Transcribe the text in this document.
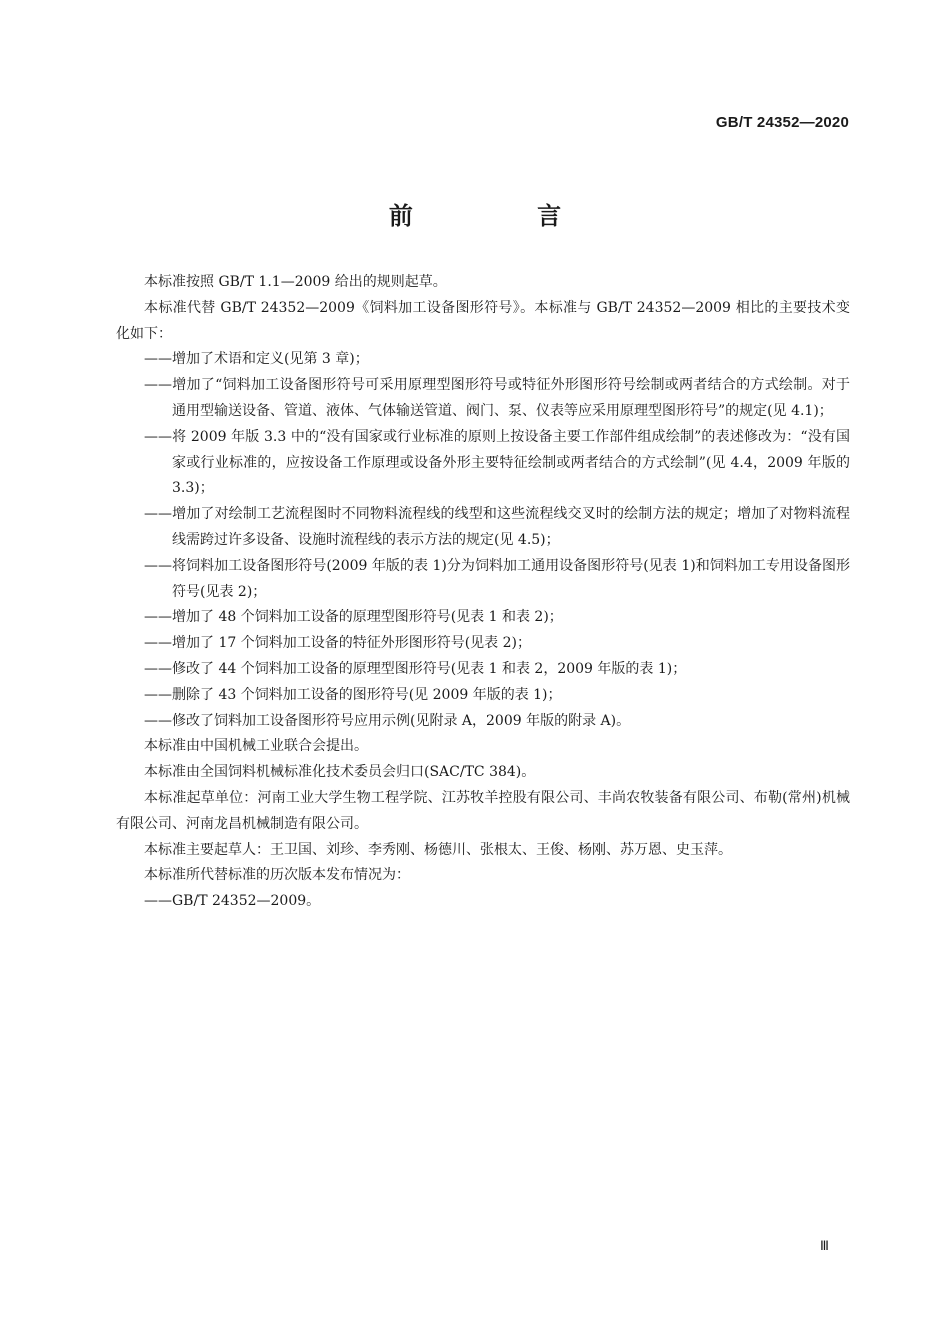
GB/T 24352—2020
前 言

本标准按照 GB/T 1.1—2009 给出的规则起草。

本标准代替 GB/T 24352—2009《饲料加工设备图形符号》。本标准与 GB/T 24352—2009 相比的主要技术变化如下：

——增加了术语和定义(见第 3 章)；

——增加了“饲料加工设备图形符号可采用原理型图形符号或特征外形图形符号绘制或两者结合的方式绘制。对于通用型输送设备、管道、液体、气体输送管道、阀门、泵、仪表等应采用原理型图形符号”的规定(见 4.1)；

——将 2009 年版 3.3 中的“没有国家或行业标准的原则上按设备主要工作部件组成绘制”的表述修改为：“没有国家或行业标准的，应按设备工作原理或设备外形主要特征绘制或两者结合的方式绘制”(见 4.4，2009 年版的 3.3)；

——增加了对绘制工艺流程图时不同物料流程线的线型和这些流程线交叉时的绘制方法的规定；增加了对物料流程线需跨过许多设备、设施时流程线的表示方法的规定(见 4.5)；

——将饲料加工设备图形符号(2009 年版的表 1)分为饲料加工通用设备图形符号(见表 1)和饲料加工专用设备图形符号(见表 2)；

——增加了 48 个饲料加工设备的原理型图形符号(见表 1 和表 2)；

——增加了 17 个饲料加工设备的特征外形图形符号(见表 2)；

——修改了 44 个饲料加工设备的原理型图形符号(见表 1 和表 2，2009 年版的表 1)；

——删除了 43 个饲料加工设备的图形符号(见 2009 年版的表 1)；

——修改了饲料加工设备图形符号应用示例(见附录 A，2009 年版的附录 A)。

本标准由中国机械工业联合会提出。

本标准由全国饲料机械标准化技术委员会归口(SAC/TC 384)。

本标准起草单位：河南工业大学生物工程学院、江苏牧羊控股有限公司、丰尚农牧装备有限公司、布勒(常州)机械有限公司、河南龙昌机械制造有限公司。

本标准主要起草人：王卫国、刘珍、李秀刚、杨德川、张根太、王俊、杨刚、苏万恩、史玉萍。

本标准所代替标准的历次版本发布情况为：

——GB/T 24352—2009。

Ⅲ
